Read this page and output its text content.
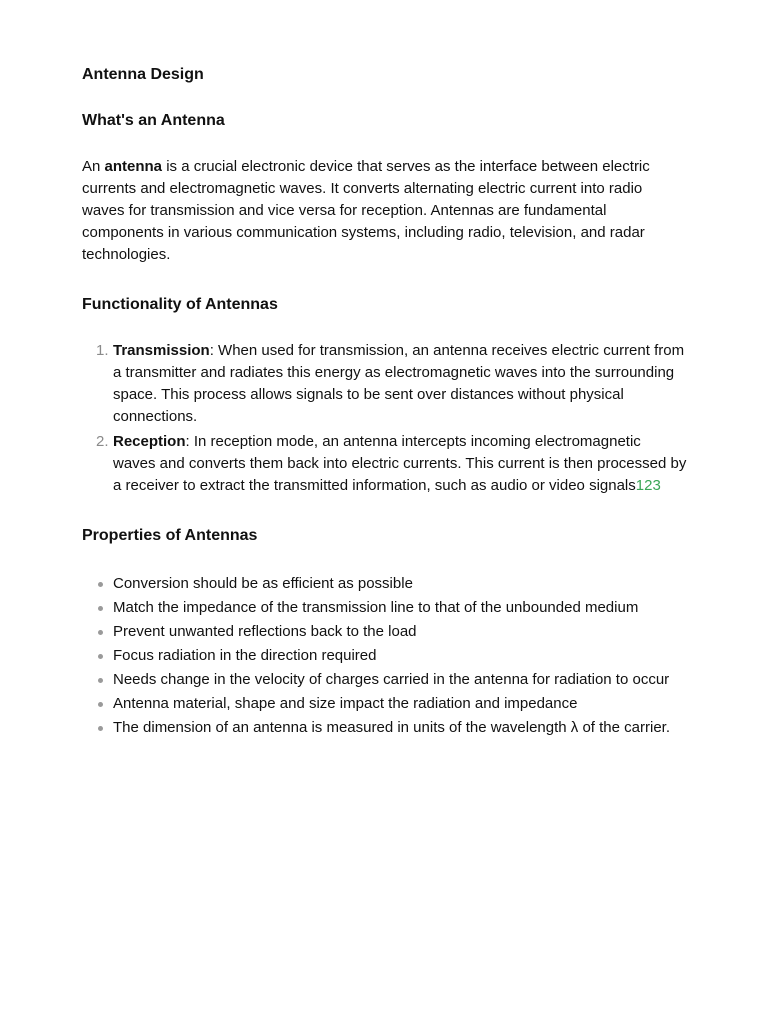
Antenna Design
What's an Antenna

An antenna is a crucial electronic device that serves as the interface between electric currents and electromagnetic waves. It converts alternating electric current into radio waves for transmission and vice versa for reception. Antennas are fundamental components in various communication systems, including radio, television, and radar technologies.

Functionality of Antennas
1. Transmission: When used for transmission, an antenna receives electric current from a transmitter and radiates this energy as electromagnetic waves into the surrounding space. This process allows signals to be sent over distances without physical connections.
2. Reception: In reception mode, an antenna intercepts incoming electromagnetic waves and converts them back into electric currents. This current is then processed by a receiver to extract the transmitted information, such as audio or video signals123
Properties of Antennas
Conversion should be as efficient as possible
Match the impedance of the transmission line to that of the unbounded medium
Prevent unwanted reflections back to the load
Focus radiation in the direction required
Needs change in the velocity of charges carried in the antenna for radiation to occur
Antenna material, shape and size impact the radiation and impedance
The dimension of an antenna is measured in units of the wavelength λ of the carrier.
